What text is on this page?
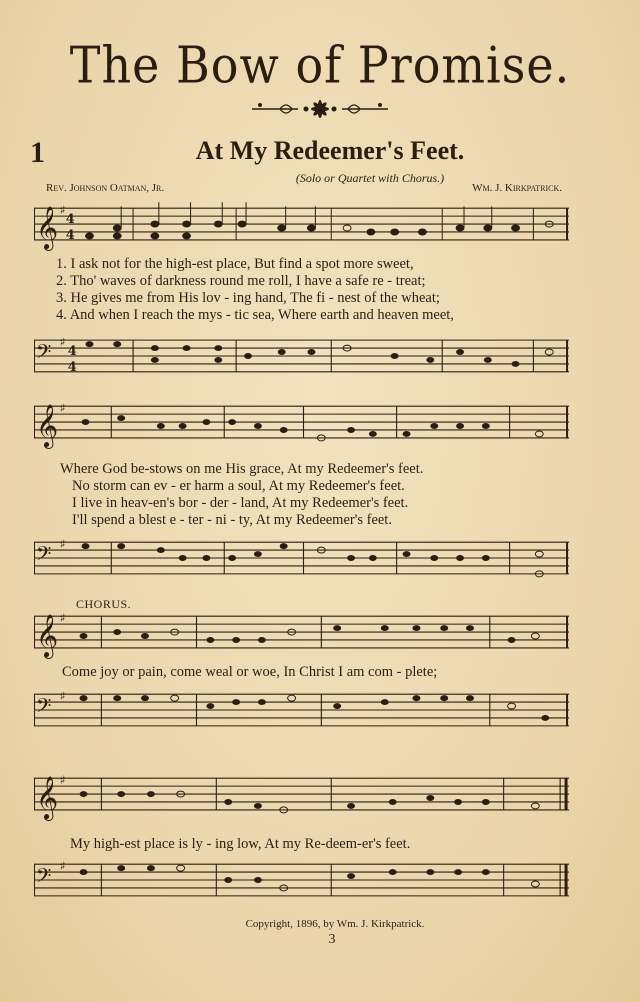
The Bow of Promise.
1	At My Redeemer's Feet.
(Solo or Quartet with Chorus.)
Rev. Johnson Oatman, Jr.	Wm. J. Kirkpatrick.
𝄞 4
4
♯
1. I ask not for the high-est place, But find a spot more sweet,
2. Tho' waves of darkness round me roll, I have a safe re - treat;
3. He gives me from His lov - ing hand, The fi - nest of the wheat;
4. And when I reach the mys - tic sea, Where earth and heaven meet,
𝄢 ♯
4
4
𝄞 ♯
Where God be-stows on me His grace, At my Redeemer's feet.
No storm can ev - er harm a soul, At my Redeemer's feet.
I live in heav-en's bor - der - land, At my Redeemer's feet.
I'll spend a blest e - ter - ni - ty, At my Redeemer's feet.
𝄢 ♯
CHORUS.
𝄞 ♯
Come joy or pain, come weal or woe, In Christ I am com - plete;
𝄢 ♯
𝄞 ♯
My high-est place is ly - ing low, At my Re-deem-er's feet.
𝄢 ♯
Copyright, 1896, by Wm. J. Kirkpatrick.
3
